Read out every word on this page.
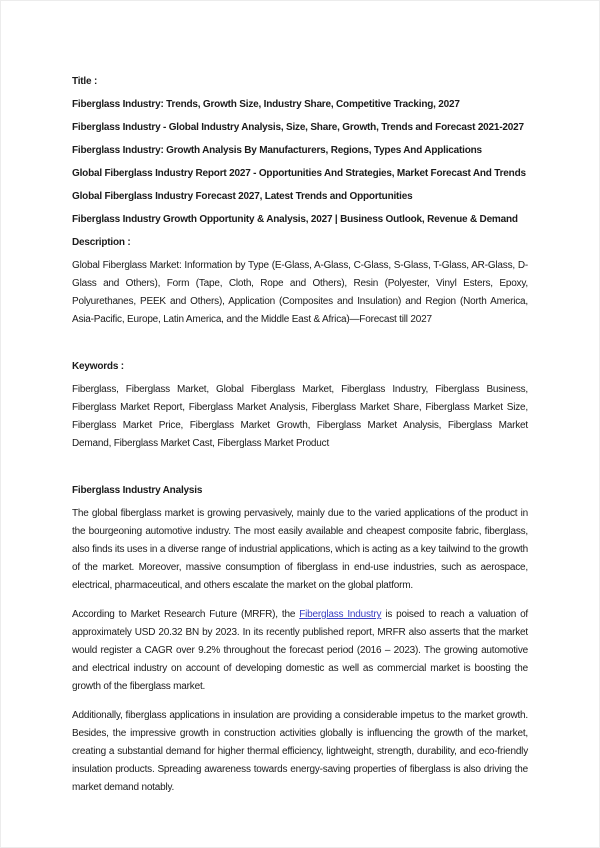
Title :

Fiberglass Industry: Trends, Growth Size, Industry Share, Competitive Tracking, 2027

Fiberglass Industry - Global Industry Analysis, Size, Share, Growth, Trends and Forecast 2021-2027

Fiberglass Industry: Growth Analysis By Manufacturers, Regions, Types And Applications

Global Fiberglass Industry Report 2027 - Opportunities And Strategies, Market Forecast And Trends

Global Fiberglass Industry Forecast 2027, Latest Trends and Opportunities

Fiberglass Industry Growth Opportunity & Analysis, 2027 | Business Outlook, Revenue & Demand

Description :

Global Fiberglass Market: Information by Type (E-Glass, A-Glass, C-Glass, S-Glass, T-Glass, AR-Glass, D-Glass and Others), Form (Tape, Cloth, Rope and Others), Resin (Polyester, Vinyl Esters, Epoxy, Polyurethanes, PEEK and Others), Application (Composites and Insulation) and Region (North America, Asia-Pacific, Europe, Latin America, and the Middle East & Africa)—Forecast till 2027

Keywords :

Fiberglass, Fiberglass Market, Global Fiberglass Market, Fiberglass Industry, Fiberglass Business, Fiberglass Market Report, Fiberglass Market Analysis, Fiberglass Market Share, Fiberglass Market Size, Fiberglass Market Price, Fiberglass Market Growth, Fiberglass Market Analysis, Fiberglass Market Demand, Fiberglass Market Cast, Fiberglass Market Product

Fiberglass Industry Analysis

The global fiberglass market is growing pervasively, mainly due to the varied applications of the product in the bourgeoning automotive industry. The most easily available and cheapest composite fabric, fiberglass, also finds its uses in a diverse range of industrial applications, which is acting as a key tailwind to the growth of the market. Moreover, massive consumption of fiberglass in end-use industries, such as aerospace, electrical, pharmaceutical, and others escalate the market on the global platform.

According to Market Research Future (MRFR), the Fiberglass Industry is poised to reach a valuation of approximately USD 20.32 BN by 2023. In its recently published report, MRFR also asserts that the market would register a CAGR over 9.2% throughout the forecast period (2016 – 2023). The growing automotive and electrical industry on account of developing domestic as well as commercial market is boosting the growth of the fiberglass market.

Additionally, fiberglass applications in insulation are providing a considerable impetus to the market growth. Besides, the impressive growth in construction activities globally is influencing the growth of the market, creating a substantial demand for higher thermal efficiency, lightweight, strength, durability, and eco-friendly insulation products. Spreading awareness towards energy-saving properties of fiberglass is also driving the market demand notably.
